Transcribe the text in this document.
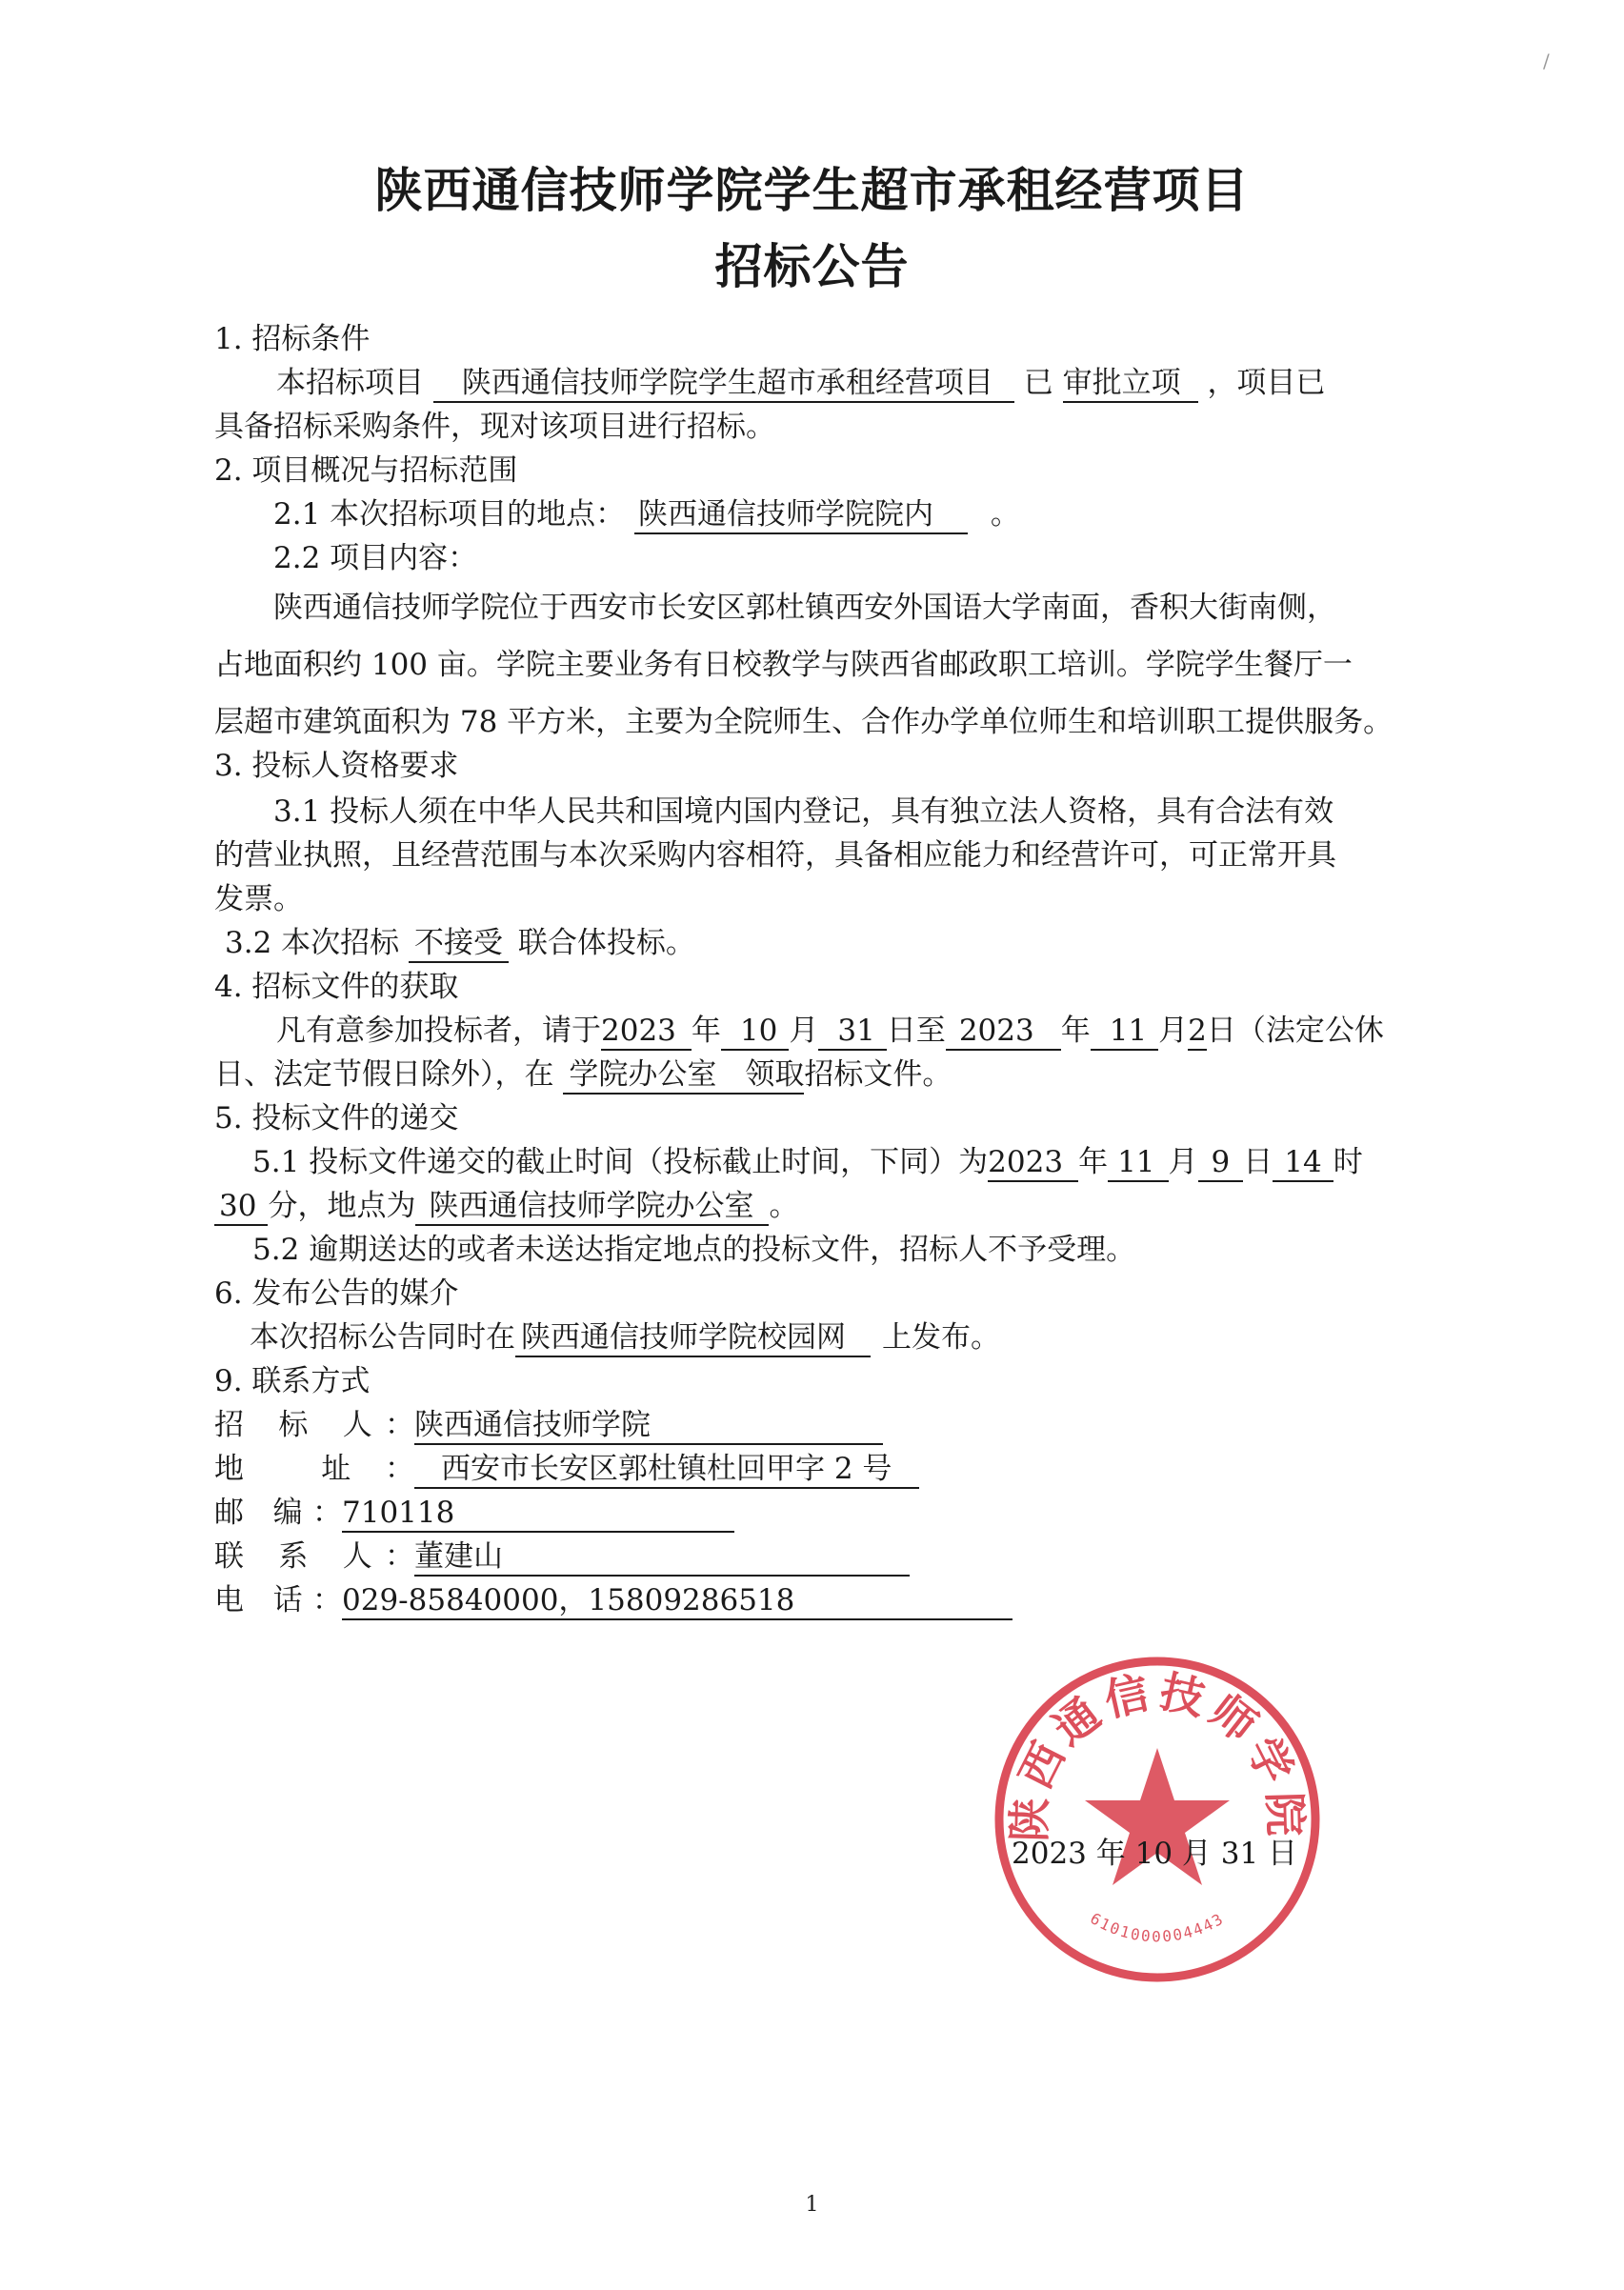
陕西通信技师学院学生超市承租经营项目
招标公告
1. 招标条件
本招标项目 陕西通信技师学院学生超市承租经营项目 已 审批立项 ，项目已
具备招标采购条件，现对该项目进行招标。
2. 项目概况与招标范围
2.1 本次招标项目的地点： 陕西通信技师学院院内 。
2.2 项目内容：
陕西通信技师学院位于西安市长安区郭杜镇西安外国语大学南面，香积大街南侧，
占地面积约 100 亩。学院主要业务有日校教学与陕西省邮政职工培训。学院学生餐厅一
层超市建筑面积为 78 平方米，主要为全院师生、合作办学单位师生和培训职工提供服务。
3. 投标人资格要求
3.1 投标人须在中华人民共和国境内国内登记，具有独立法人资格，具有合法有效
的营业执照，且经营范围与本次采购内容相符，具备相应能力和经营许可，可正常开具
发票。
3.2 本次招标 不接受 联合体投标。
4. 招标文件的获取
凡有意参加投标者，请于2023 年 10 月 31 日至 2023 年 11 月2日（法定公休
日、法定节假日除外），在 学院办公室 领取招标文件。
5. 投标文件的递交
5.1 投标文件递交的截止时间（投标截止时间，下同）为2023 年 11 月 9 日 14 时
30 分，地点为 陕西通信技师学院办公室 。
5.2 逾期送达的或者未送达指定地点的投标文件，招标人不予受理。
6. 发布公告的媒介
本次招标公告同时在 陕西通信技师学院校园网 上发布。
9. 联系方式
招 标 人：陕西通信技师学院
地 址： 西安市长安区郭杜镇杜回甲字 2 号
邮 编：710118
联 系 人：董建山
电 话：029-85840000，15809286518
陕西通信技师学院
6101000004443
2023 年 10 月 31 日
/
1
